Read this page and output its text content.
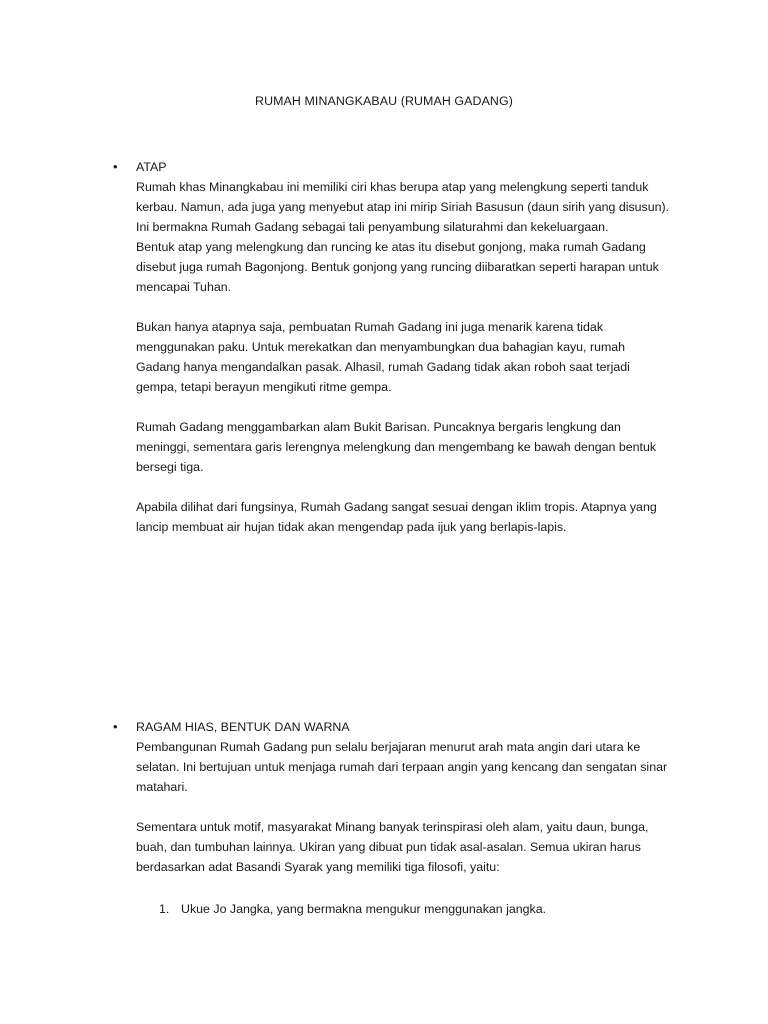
RUMAH MINANGKABAU (RUMAH GADANG)
• ATAP

Rumah khas Minangkabau ini memiliki ciri khas berupa atap yang melengkung seperti tanduk
kerbau. Namun, ada juga yang menyebut atap ini mirip Siriah Basusun (daun sirih yang disusun).
Ini bermakna Rumah Gadang sebagai tali penyambung silaturahmi dan kekeluargaan.
Bentuk atap yang melengkung dan runcing ke atas itu disebut gonjong, maka rumah Gadang
disebut juga rumah Bagonjong. Bentuk gonjong yang runcing diibaratkan seperti harapan untuk
mencapai Tuhan.

Bukan hanya atapnya saja, pembuatan Rumah Gadang ini juga menarik karena tidak
menggunakan paku. Untuk merekatkan dan menyambungkan dua bahagian kayu, rumah
Gadang hanya mengandalkan pasak. Alhasil, rumah Gadang tidak akan roboh saat terjadi
gempa, tetapi berayun mengikuti ritme gempa.

Rumah Gadang menggambarkan alam Bukit Barisan. Puncaknya bergaris lengkung dan
meninggi, sementara garis lerengnya melengkung dan mengembang ke bawah dengan bentuk
bersegi tiga.

Apabila dilihat dari fungsinya, Rumah Gadang sangat sesuai dengan iklim tropis. Atapnya yang
lancip membuat air hujan tidak akan mengendap pada ijuk yang berlapis-lapis.

• RAGAM HIAS, BENTUK DAN WARNA

Pembangunan Rumah Gadang pun selalu berjajaran menurut arah mata angin dari utara ke
selatan. Ini bertujuan untuk menjaga rumah dari terpaan angin yang kencang dan sengatan sinar
matahari.

Sementara untuk motif, masyarakat Minang banyak terinspirasi oleh alam, yaitu daun, bunga,
buah, dan tumbuhan lainnya. Ukiran yang dibuat pun tidak asal-asalan. Semua ukiran harus
berdasarkan adat Basandi Syarak yang memiliki tiga filosofi, yaitu:

1. Ukue Jo Jangka, yang bermakna mengukur menggunakan jangka.
